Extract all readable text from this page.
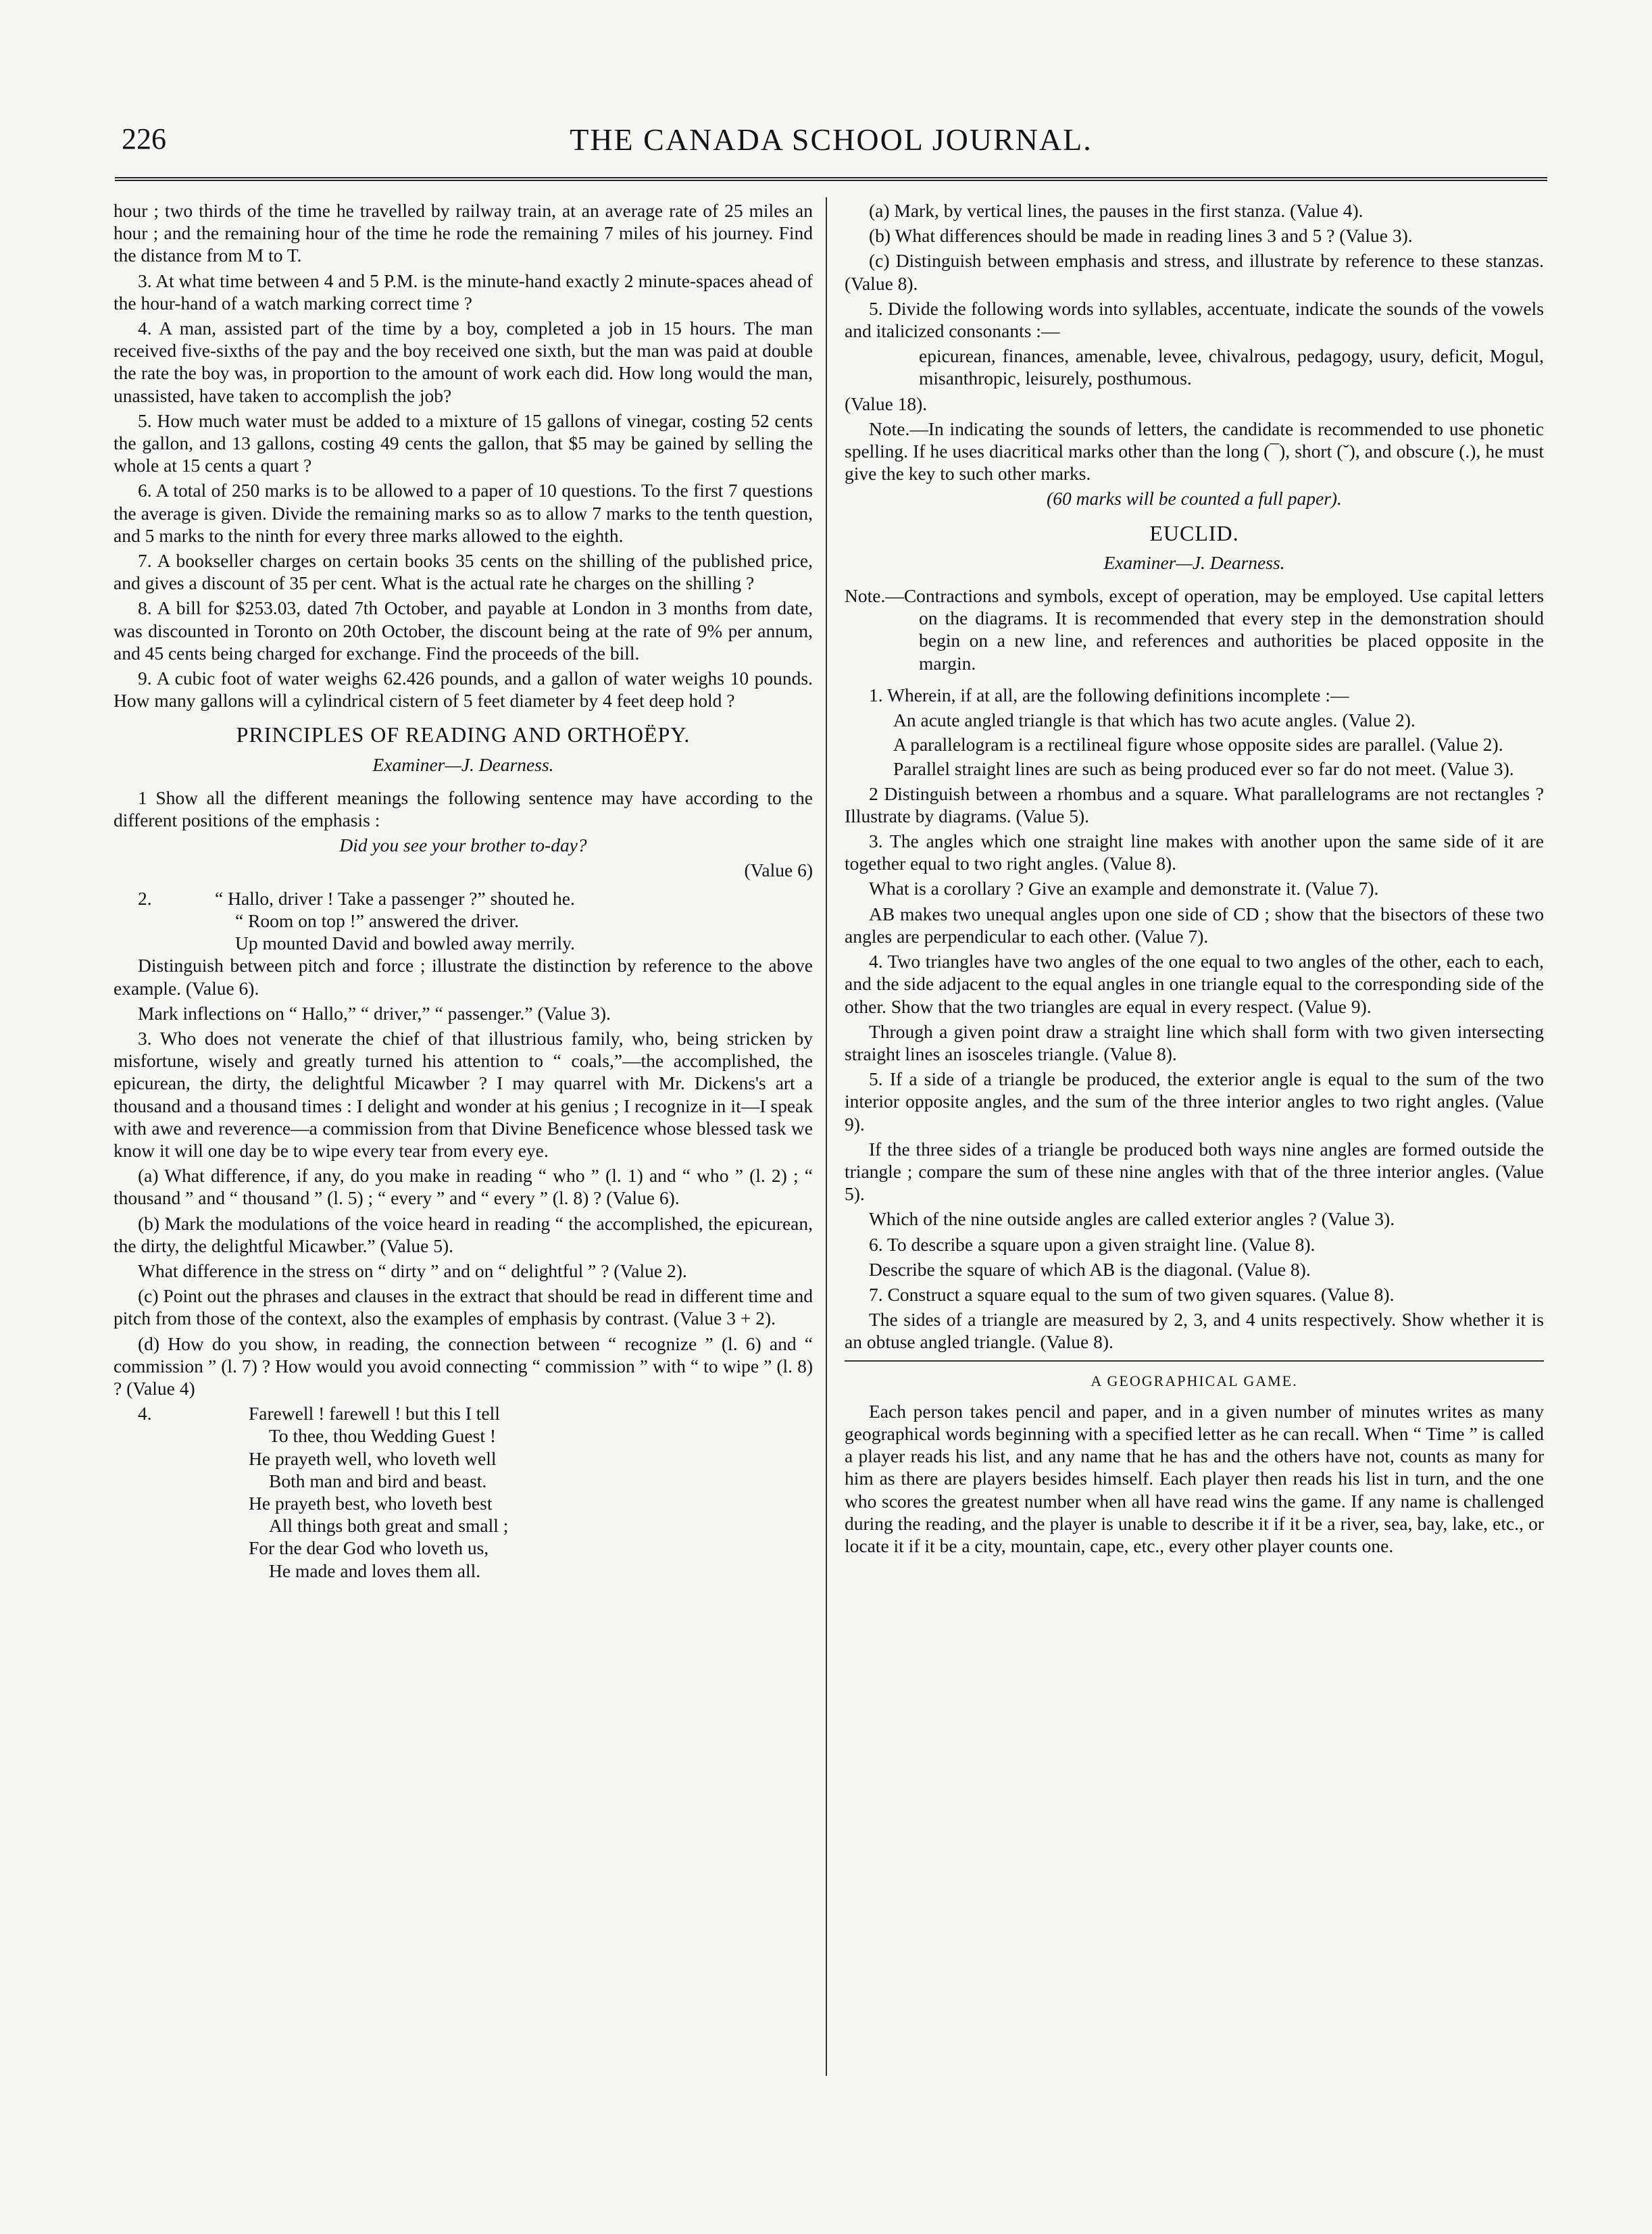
226	THE CANADA SCHOOL JOURNAL.

hour ; two thirds of the time he travelled by railway train, at an average rate of 25 miles an hour ; and the remaining hour of the time he rode the remaining 7 miles of his journey. Find the distance from M to T.

3. At what time between 4 and 5 P.M. is the minute-hand exactly 2 minute-spaces ahead of the hour-hand of a watch marking correct time ?

4. A man, assisted part of the time by a boy, completed a job in 15 hours. The man received five-sixths of the pay and the boy received one sixth, but the man was paid at double the rate the boy was, in proportion to the amount of work each did. How long would the man, unassisted, have taken to accomplish the job?

5. How much water must be added to a mixture of 15 gallons of vinegar, costing 52 cents the gallon, and 13 gallons, costing 49 cents the gallon, that $5 may be gained by selling the whole at 15 cents a quart ?

6. A total of 250 marks is to be allowed to a paper of 10 questions. To the first 7 questions the average is given. Divide the remaining marks so as to allow 7 marks to the tenth question, and 5 marks to the ninth for every three marks allowed to the eighth.

7. A bookseller charges on certain books 35 cents on the shilling of the published price, and gives a discount of 35 per cent. What is the actual rate he charges on the shilling ?

8. A bill for $253.03, dated 7th October, and payable at London in 3 months from date, was discounted in Toronto on 20th October, the discount being at the rate of 9% per annum, and 45 cents being charged for exchange. Find the proceeds of the bill.

9. A cubic foot of water weighs 62.426 pounds, and a gallon of water weighs 10 pounds. How many gallons will a cylindrical cistern of 5 feet diameter by 4 feet deep hold ?

PRINCIPLES OF READING AND ORTHOËPY.
Examiner—J. Dearness.

1 Show all the different meanings the following sentence may have according to the different positions of the emphasis :

Did you see your brother to-day?
(Value 6)
2.	“ Hallo, driver ! Take a passenger ?” shouted he.
“ Room on top !” answered the driver.
Up mounted David and bowled away merrily.

Distinguish between pitch and force ; illustrate the distinction by reference to the above example. (Value 6).

Mark inflections on “ Hallo,” “ driver,” “ passenger.” (Value 3).

3. Who does not venerate the chief of that illustrious family, who, being stricken by misfortune, wisely and greatly turned his attention to “ coals,”—the accomplished, the epicurean, the dirty, the delightful Micawber ? I may quarrel with Mr. Dickens's art a thousand and a thousand times : I delight and wonder at his genius ; I recognize in it—I speak with awe and reverence—a commission from that Divine Beneficence whose blessed task we know it will one day be to wipe every tear from every eye.

(a) What difference, if any, do you make in reading “ who ” (l. 1) and “ who ” (l. 2) ; “ thousand ” and “ thousand ” (l. 5) ; “ every ” and “ every ” (l. 8) ? (Value 6).

(b) Mark the modulations of the voice heard in reading “ the accomplished, the epicurean, the dirty, the delightful Micawber.” (Value 5).

What difference in the stress on “ dirty ” and on “ delightful ” ? (Value 2).

(c) Point out the phrases and clauses in the extract that should be read in different time and pitch from those of the context, also the examples of emphasis by contrast. (Value 3 + 2).

(d) How do you show, in reading, the connection between “ recognize ” (l. 6) and “ commission ” (l. 7) ? How would you avoid connecting “ commission ” with “ to wipe ” (l. 8) ? (Value 4)

4.	Farewell ! farewell ! but this I tell
To thee, thou Wedding Guest !
He prayeth well, who loveth well
Both man and bird and beast.
He prayeth best, who loveth best
All things both great and small ;
For the dear God who loveth us,
He made and loves them all.

(a) Mark, by vertical lines, the pauses in the first stanza. (Value 4).

(b) What differences should be made in reading lines 3 and 5 ? (Value 3).

(c) Distinguish between emphasis and stress, and illustrate by reference to these stanzas. (Value 8).

5. Divide the following words into syllables, accentuate, indicate the sounds of the vowels and italicized consonants :—

epicurean, finances, amenable, levee, chivalrous, pedagogy, usury, deficit, Mogul, misanthropic, leisurely, posthumous.

(Value 18).

Note.—In indicating the sounds of letters, the candidate is recommended to use phonetic spelling. If he uses diacritical marks other than the long (¯), short (˘), and obscure (.), he must give the key to such other marks.

(60 marks will be counted a full paper).
EUCLID.
Examiner—J. Dearness.
Note.—Contractions and symbols, except of operation, may be employed. Use capital letters on the diagrams. It is recommended that every step in the demonstration should begin on a new line, and references and authorities be placed opposite in the margin.

1. Wherein, if at all, are the following definitions incomplete :—

An acute angled triangle is that which has two acute angles. (Value 2).
A parallelogram is a rectilineal figure whose opposite sides are parallel. (Value 2).
Parallel straight lines are such as being produced ever so far do not meet. (Value 3).

2 Distinguish between a rhombus and a square. What parallelograms are not rectangles ? Illustrate by diagrams. (Value 5).

3. The angles which one straight line makes with another upon the same side of it are together equal to two right angles. (Value 8).

What is a corollary ? Give an example and demonstrate it. (Value 7).

AB makes two unequal angles upon one side of CD ; show that the bisectors of these two angles are perpendicular to each other. (Value 7).

4. Two triangles have two angles of the one equal to two angles of the other, each to each, and the side adjacent to the equal angles in one triangle equal to the corresponding side of the other. Show that the two triangles are equal in every respect. (Value 9).

Through a given point draw a straight line which shall form with two given intersecting straight lines an isosceles triangle. (Value 8).

5. If a side of a triangle be produced, the exterior angle is equal to the sum of the two interior opposite angles, and the sum of the three interior angles to two right angles. (Value 9).

If the three sides of a triangle be produced both ways nine angles are formed outside the triangle ; compare the sum of these nine angles with that of the three interior angles. (Value 5).

Which of the nine outside angles are called exterior angles ? (Value 3).

6. To describe a square upon a given straight line. (Value 8).

Describe the square of which AB is the diagonal. (Value 8).

7. Construct a square equal to the sum of two given squares. (Value 8).

The sides of a triangle are measured by 2, 3, and 4 units respectively. Show whether it is an obtuse angled triangle. (Value 8).

A GEOGRAPHICAL GAME.

Each person takes pencil and paper, and in a given number of minutes writes as many geographical words beginning with a specified letter as he can recall. When “ Time ” is called a player reads his list, and any name that he has and the others have not, counts as many for him as there are players besides himself. Each player then reads his list in turn, and the one who scores the greatest number when all have read wins the game. If any name is challenged during the reading, and the player is unable to describe it if it be a river, sea, bay, lake, etc., or locate it if it be a city, mountain, cape, etc., every other player counts one.
